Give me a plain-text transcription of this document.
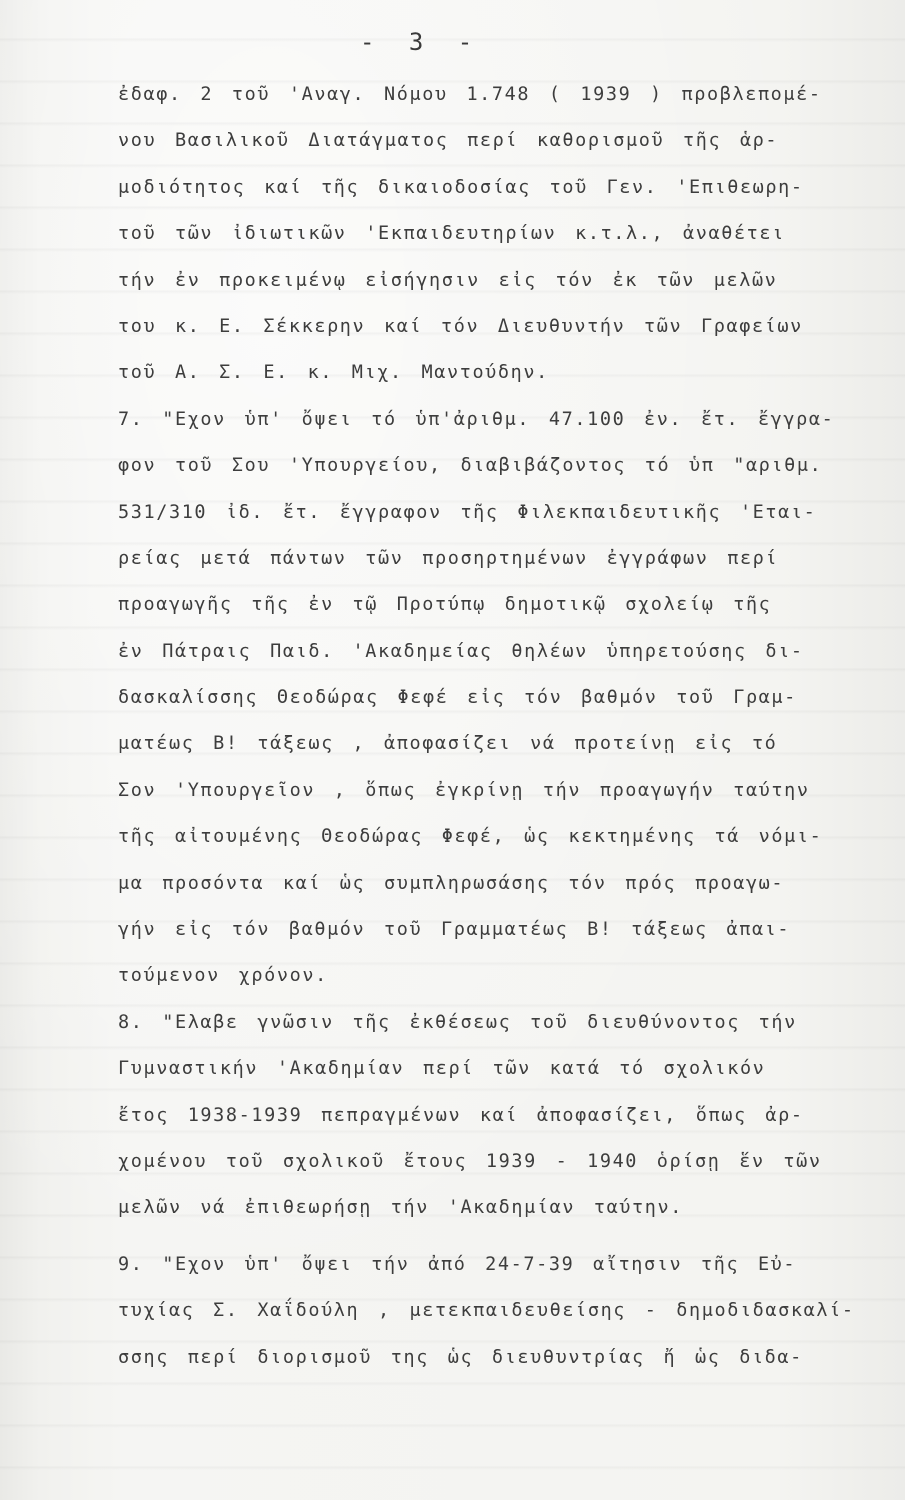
- 3 -
ἐδαφ. 2 τοῦ 'Αναγ. Νόμου 1.748 ( 1939 ) προβλεπομέ-
νου Βασιλικοῦ Διατάγματος περί καθορισμοῦ τῆς ἁρ-
μοδιότητος καί τῆς δικαιοδοσίας τοῦ Γεν. 'Επιθεωρη-
τοῦ τῶν ἰδιωτικῶν 'Εκπαιδευτηρίων κ.τ.λ., ἀναθέτει
τήν ἐν προκειμένῳ εἰσήγησιν εἰς τόν ἐκ τῶν μελῶν
του κ. Ε. Σέκκερην καί τόν Διευθυντήν τῶν Γραφείων
τοῦ Α. Σ. Ε. κ. Μιχ. Μαντούδην.
7. "Εχον ὑπ' ὄψει τό ὑπ'ἀριθμ. 47.100 ἐν. ἔτ. ἔγγρα-
φον τοῦ Σου 'Υπουργείου, διαβιβάζοντος τό ὑπ "αριθμ.
531/310 ἰδ. ἔτ. ἔγγραφον τῆς Φιλεκπαιδευτικῆς 'Εται-
ρείας μετά πάντων τῶν προσηρτημένων ἐγγράφων περί
προαγωγῆς τῆς ἐν τῷ Προτύπῳ δημοτικῷ σχολείῳ τῆς
ἐν Πάτραις Παιδ. 'Ακαδημείας θηλέων ὑπηρετούσης δι-
δασκαλίσσης Θεοδώρας Φεφέ εἰς τόν βαθμόν τοῦ Γραμ-
ματέως Β! τάξεως , ἀποφασίζει νά προτείνῃ εἰς τό
Σον 'Υπουργεῖον , ὅπως ἐγκρίνῃ τήν προαγωγήν ταύτην
τῆς αἰτουμένης Θεοδώρας Φεφέ, ὡς κεκτημένης τά νόμι-
μα προσόντα καί ὡς συμπληρωσάσης τόν πρός πρoαγω-
γήν εἰς τόν βαθμόν τοῦ Γραμματέως Β! τάξεως ἀπαι-
τούμενον χρόνον.
8. "Ελαβε γνῶσιν τῆς ἐκθέσεως τοῦ διευθύνοντος τήν
Γυμναστικήν 'Ακαδημίαν περί τῶν κατά τό σχολικόν
ἔτος 1938-1939 πεπραγμένων καί ἀποφασίζει, ὅπως ἀρ-
χομένου τοῦ σχολικοῦ ἔτους 1939 - 1940 ὁρίσῃ ἕν τῶν
μελῶν νά ἐπιθεωρήσῃ τήν 'Ακαδημίαν ταύτην.
9. "Εχον ὑπ' ὄψει τήν ἀπό 24-7-39 αἴτησιν τῆς Εὐ-
τυχίας Σ. Χαΐδούλη , μετεκπαιδευθείσης - δημοδιδασκαλί-
σσης περί διορισμοῦ της ὡς διευθυντρίας ἤ ὡς διδα-
